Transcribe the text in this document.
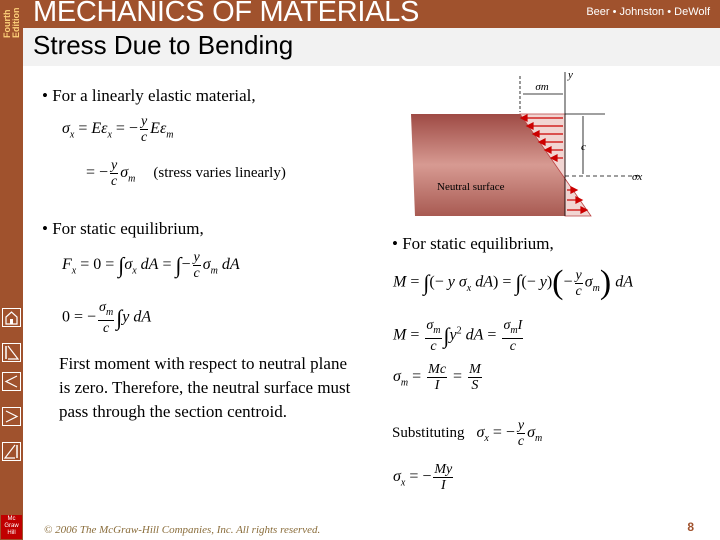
Fourth Edition
Mc Graw Hill
MECHANICS OF MATERIALS	Beer • Johnston • DeWolf
Stress Due to Bending
• For a linearly elastic material,
$\sigma_x = E\varepsilon_x$ = − $\frac{y}{c} E\varepsilon_m$
= − $\frac{y}{c} \sigma_m$ (stress varies linearly)
• For static equilibrium,
$F_x = 0 = \int\sigma_x$ dA = ∫− $\frac{y}{c} \sigma_m$ dA
0 = − $\frac{\sigma_m}{c} \int y$ dA
First moment with respect to neutral plane is zero. Therefore, the neutral surface must pass through the section centroid.
σm
y
c
σx
Neutral surface
• For static equilibrium,
M = ∫(− y $\sigma_x$ dA) = ∫(− $y)(- \frac{y}{c} \sigma_m)$ dA
$M = \frac{\sigma_m}{c} \int y^2$ dA = $\frac{\sigma_mI}{c}$
$\sigma_m = \frac{Mc}{I} = \frac{M}{S}$
Substituting $\sigma_x$ = − $\frac{y}{c} \sigma_m$
$\sigma_x$ = − $\frac{My}{I}$
© 2006 The McGraw-Hill Companies, Inc. All rights reserved.	8
